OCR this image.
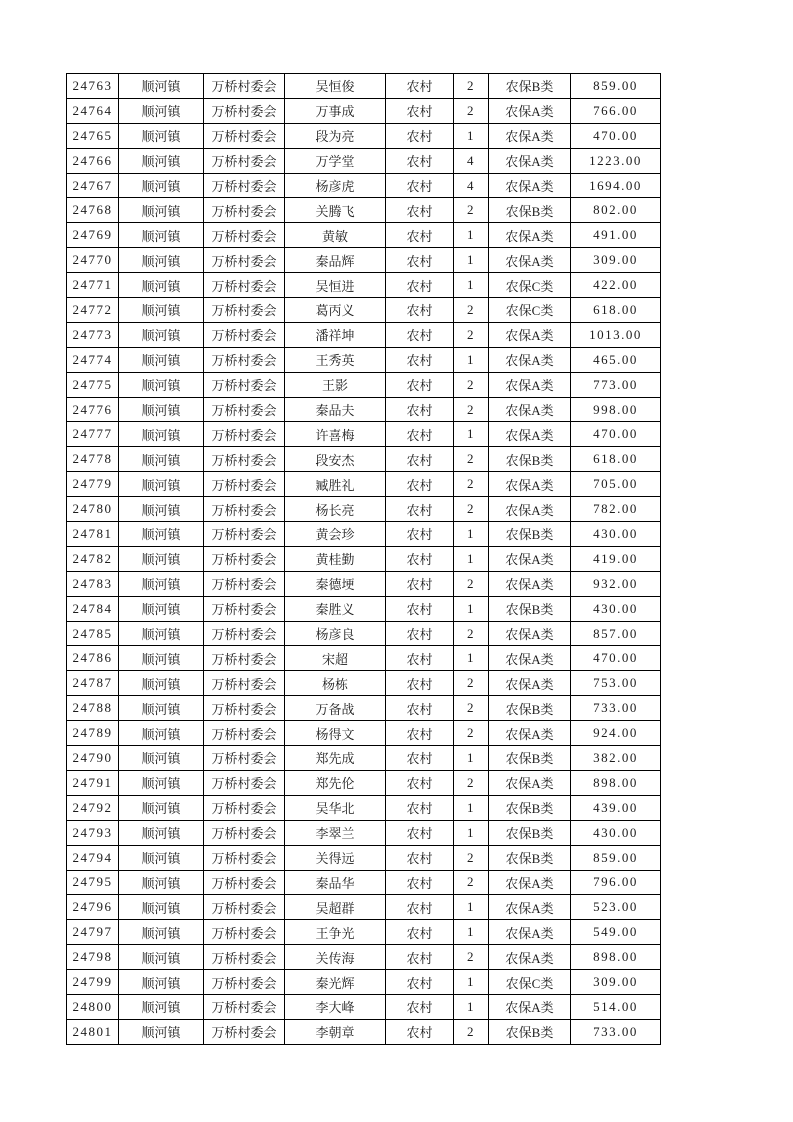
24763	顺河镇	万桥村委会	吴恒俊	农村	2	农保B类	859.00
24764	顺河镇	万桥村委会	万事成	农村	2	农保A类	766.00
24765	顺河镇	万桥村委会	段为亮	农村	1	农保A类	470.00
24766	顺河镇	万桥村委会	万学堂	农村	4	农保A类	1223.00
24767	顺河镇	万桥村委会	杨彦虎	农村	4	农保A类	1694.00
24768	顺河镇	万桥村委会	关腾飞	农村	2	农保B类	802.00
24769	顺河镇	万桥村委会	黄敏	农村	1	农保A类	491.00
24770	顺河镇	万桥村委会	秦品辉	农村	1	农保A类	309.00
24771	顺河镇	万桥村委会	吴恒进	农村	1	农保C类	422.00
24772	顺河镇	万桥村委会	葛丙义	农村	2	农保C类	618.00
24773	顺河镇	万桥村委会	潘祥坤	农村	2	农保A类	1013.00
24774	顺河镇	万桥村委会	王秀英	农村	1	农保A类	465.00
24775	顺河镇	万桥村委会	王影	农村	2	农保A类	773.00
24776	顺河镇	万桥村委会	秦品夫	农村	2	农保A类	998.00
24777	顺河镇	万桥村委会	许喜梅	农村	1	农保A类	470.00
24778	顺河镇	万桥村委会	段安杰	农村	2	农保B类	618.00
24779	顺河镇	万桥村委会	臧胜礼	农村	2	农保A类	705.00
24780	顺河镇	万桥村委会	杨长亮	农村	2	农保A类	782.00
24781	顺河镇	万桥村委会	黄会珍	农村	1	农保B类	430.00
24782	顺河镇	万桥村委会	黄桂勤	农村	1	农保A类	419.00
24783	顺河镇	万桥村委会	秦德埂	农村	2	农保A类	932.00
24784	顺河镇	万桥村委会	秦胜义	农村	1	农保B类	430.00
24785	顺河镇	万桥村委会	杨彦良	农村	2	农保A类	857.00
24786	顺河镇	万桥村委会	宋超	农村	1	农保A类	470.00
24787	顺河镇	万桥村委会	杨栋	农村	2	农保A类	753.00
24788	顺河镇	万桥村委会	万备战	农村	2	农保B类	733.00
24789	顺河镇	万桥村委会	杨得文	农村	2	农保A类	924.00
24790	顺河镇	万桥村委会	郑先成	农村	1	农保B类	382.00
24791	顺河镇	万桥村委会	郑先伦	农村	2	农保A类	898.00
24792	顺河镇	万桥村委会	吴华北	农村	1	农保B类	439.00
24793	顺河镇	万桥村委会	李翠兰	农村	1	农保B类	430.00
24794	顺河镇	万桥村委会	关得远	农村	2	农保B类	859.00
24795	顺河镇	万桥村委会	秦品华	农村	2	农保A类	796.00
24796	顺河镇	万桥村委会	吴超群	农村	1	农保A类	523.00
24797	顺河镇	万桥村委会	王争光	农村	1	农保A类	549.00
24798	顺河镇	万桥村委会	关传海	农村	2	农保A类	898.00
24799	顺河镇	万桥村委会	秦光辉	农村	1	农保C类	309.00
24800	顺河镇	万桥村委会	李大峰	农村	1	农保A类	514.00
24801	顺河镇	万桥村委会	李朝章	农村	2	农保B类	733.00
